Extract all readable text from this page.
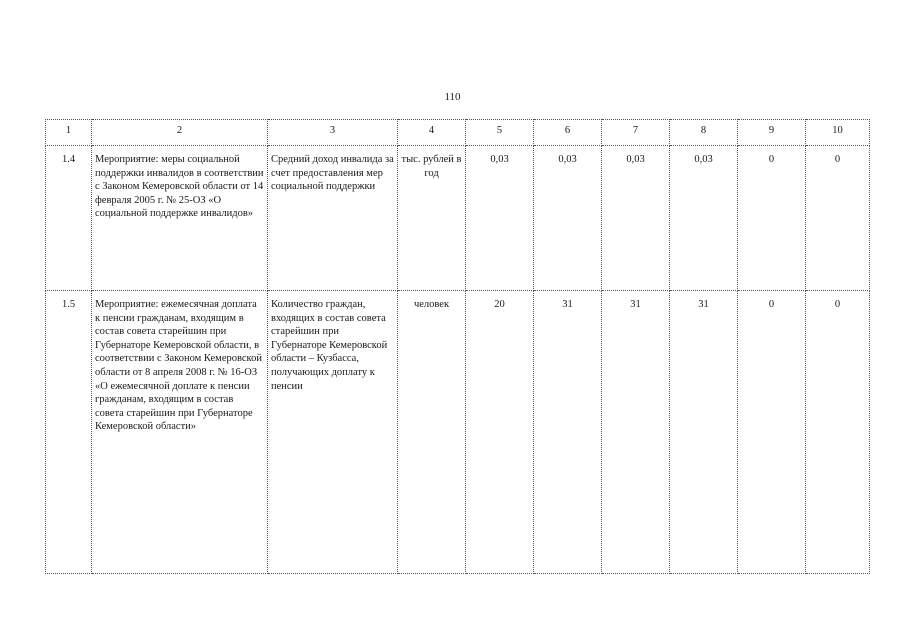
110
1	2	3	4	5	6	7	8	9	10
1.4	Мероприятие: меры социальной поддержки инвалидов в соответствии с Законом Кемеровской области от 14 февраля 2005 г. № 25-ОЗ «О социальной поддержке инвалидов»	Средний доход инвалида за счет предоставления мер социальной поддержки	тыс. рублей в год	0,03	0,03	0,03	0,03	0	0
1.5	Мероприятие: ежемесячная доплата к пенсии гражданам, входящим в состав совета старейшин при Губернаторе Кемеровской области, в соответствии с Законом Кемеровской области от 8 апреля 2008 г. № 16-ОЗ «О ежемесячной доплате к пенсии гражданам, входящим в состав совета старейшин при Губернаторе Кемеровской области»	Количество граждан, входящих в состав совета старейшин при Губернаторе Кемеровской области – Кузбасса, получающих доплату к пенсии	человек	20	31	31	31	0	0
